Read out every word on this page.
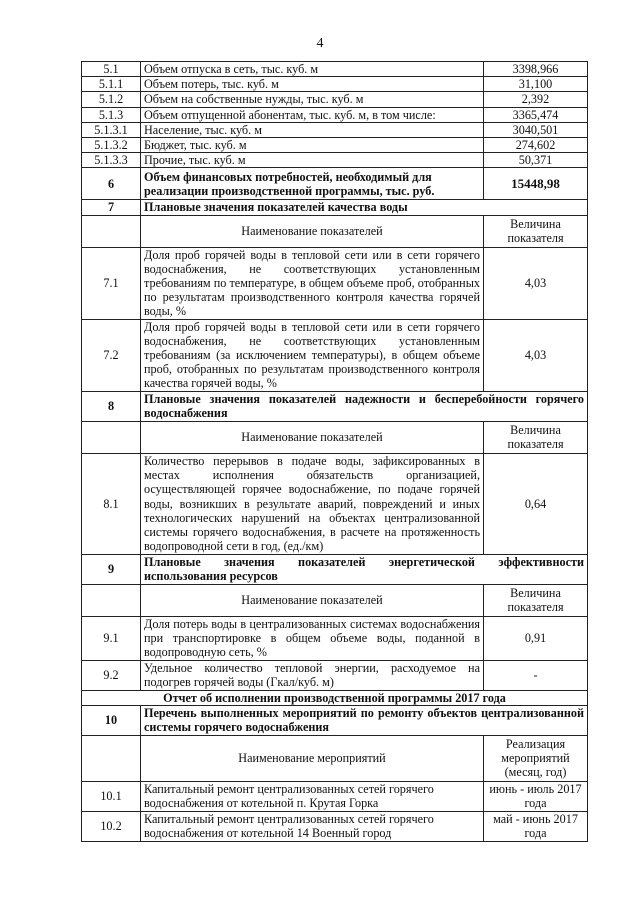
4
5.1	Объем отпуска в сеть, тыс. куб. м	3398,966
5.1.1	Объем потерь, тыс. куб. м	31,100
5.1.2	Объем на собственные нужды, тыс. куб. м	2,392
5.1.3	Объем отпущенной абонентам, тыс. куб. м, в том числе:	3365,474
5.1.3.1	Население, тыс. куб. м	3040,501
5.1.3.2	Бюджет, тыс. куб. м	274,602
5.1.3.3	Прочие, тыс. куб. м	50,371
6	Объем финансовых потребностей, необходимый для реализации производственной программы, тыс. руб.	15448,98
7	Плановые значения показателей качества воды	
	Наименование показателей	Величина показателя
7.1	Доля проб горячей воды в тепловой сети или в сети горячего водоснабжения, не соответствующих установленным требованиям по температуре, в общем объеме проб, отобранных по результатам производственного контроля качества горячей воды, %	4,03
7.2	Доля проб горячей воды в тепловой сети или в сети горячего водоснабжения, не соответствующих установленным требованиям (за исключением температуры), в общем объеме проб, отобранных по результатам производственного контроля качества горячей воды, %	4,03
8	Плановые значения показателей надежности и бесперебойности горячего водоснабжения	
	Наименование показателей	Величина показателя
8.1	Количество перерывов в подаче воды, зафиксированных в местах исполнения обязательств организацией, осуществляющей горячее водоснабжение, по подаче горячей воды, возникших в результате аварий, повреждений и иных технологических нарушений на объектах централизованной системы горячего водоснабжения, в расчете на протяженность водопроводной сети в год, (ед./км)	0,64
9	Плановые значения показателей энергетической эффективности использования ресурсов	
	Наименование показателей	Величина показателя
9.1	Доля потерь воды в централизованных системах водоснабжения при транспортировке в общем объеме воды, поданной в водопроводную сеть, %	0,91
9.2	Удельное количество тепловой энергии, расходуемое на подогрев горячей воды (Гкал/куб. м)	-
Отчет об исполнении производственной программы 2017 года		
10	Перечень выполненных мероприятий по ремонту объектов централизованной системы горячего водоснабжения	
	Наименование мероприятий	Реализация мероприятий (месяц, год)
10.1	Капитальный ремонт централизованных сетей горячего водоснабжения от котельной п. Крутая Горка	июнь - июль 2017 года
10.2	Капитальный ремонт централизованных сетей горячего водоснабжения от котельной 14 Военный город	май - июнь 2017 года
